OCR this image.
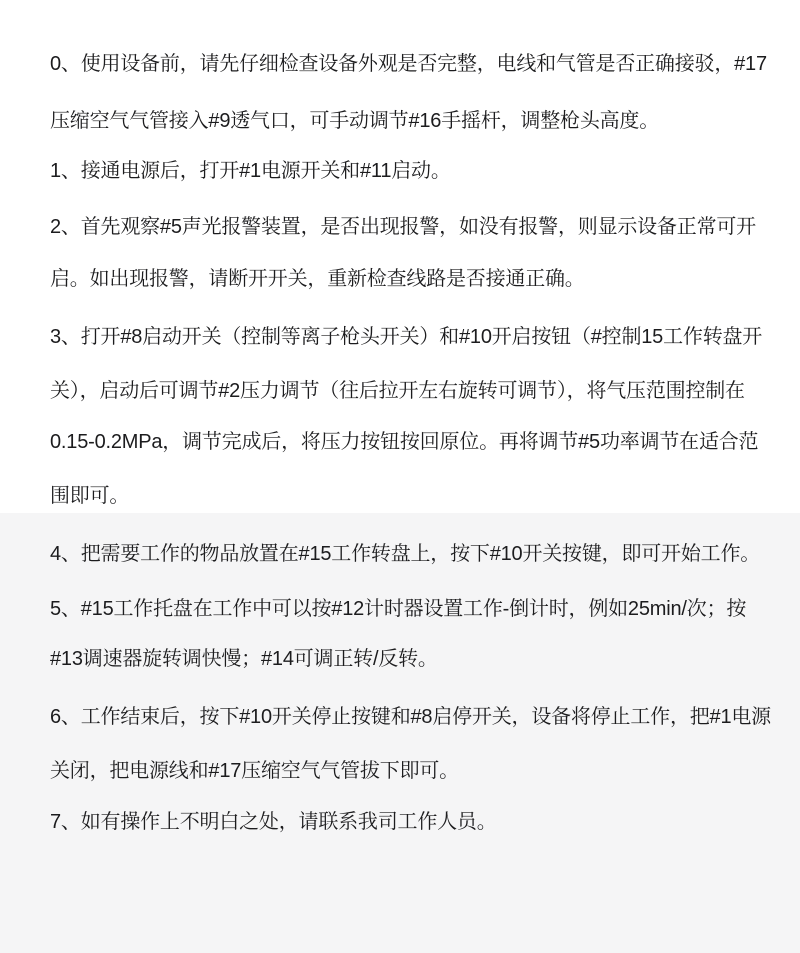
0、使用设备前，请先仔细检查设备外观是否完整，电线和气管是否正确接驳，#17
压缩空气气管接入#9透气口，可手动调节#16手摇杆，调整枪头高度。
1、接通电源后，打开#1电源开关和#11启动。
2、首先观察#5声光报警装置，是否出现报警，如没有报警，则显示设备正常可开
启。如出现报警，请断开开关，重新检查线路是否接通正确。
3、打开#8启动开关（控制等离子枪头开关）和#10开启按钮（#控制15工作转盘开
关），启动后可调节#2压力调节（往后拉开左右旋转可调节），将气压范围控制在
0.15-0.2MPa，调节完成后，将压力按钮按回原位。再将调节#5功率调节在适合范
围即可。
4、把需要工作的物品放置在#15工作转盘上，按下#10开关按键，即可开始工作。
5、#15工作托盘在工作中可以按#12计时器设置工作-倒计时，例如25min/次；按
#13调速器旋转调快慢；#14可调正转/反转。
6、工作结束后，按下#10开关停止按键和#8启停开关，设备将停止工作，把#1电源
关闭，把电源线和#17压缩空气气管拔下即可。
7、如有操作上不明白之处，请联系我司工作人员。
